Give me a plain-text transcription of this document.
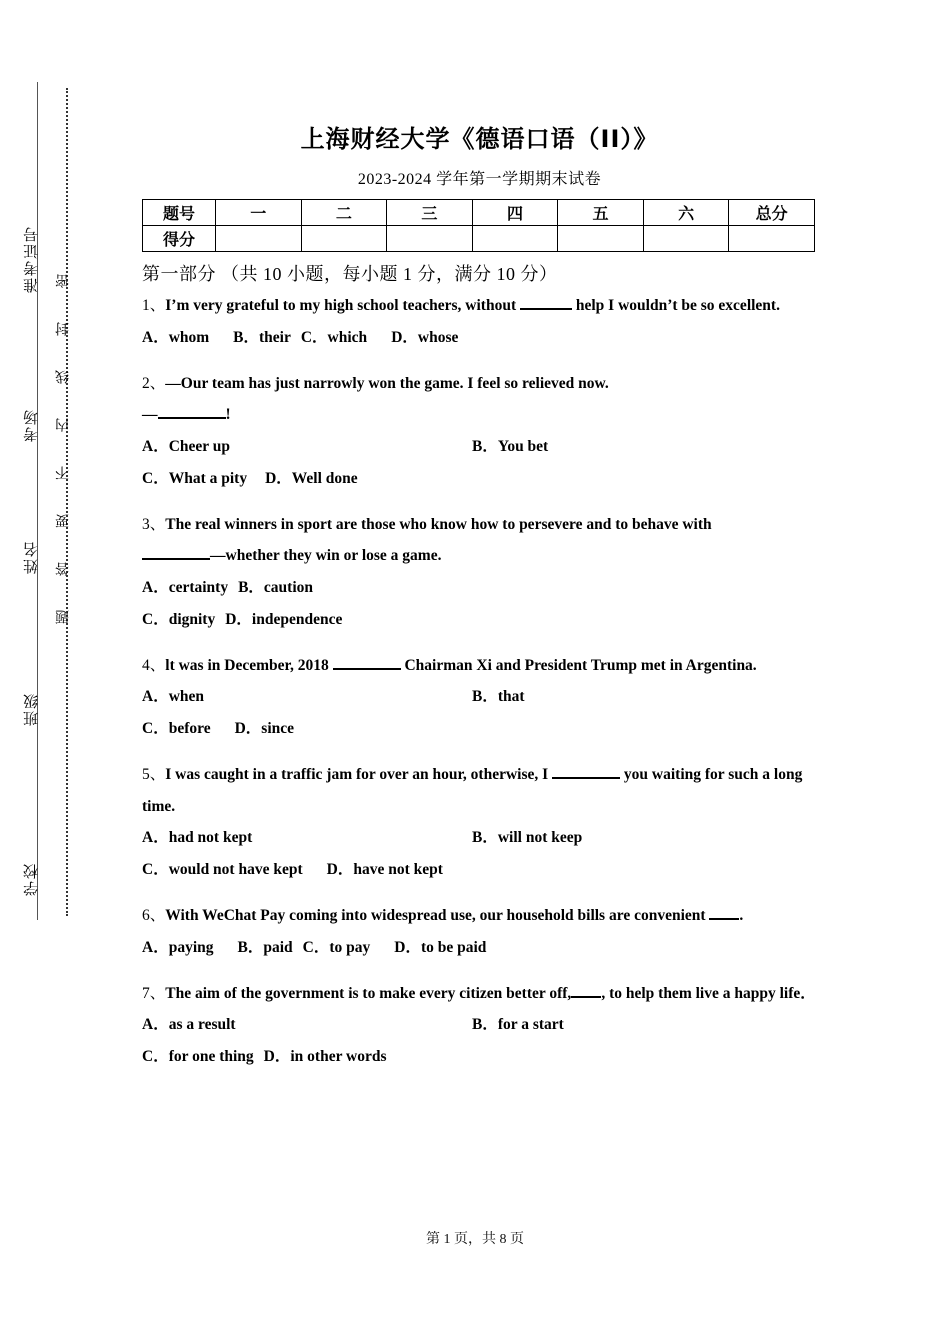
准考证号
考场
姓名
班级
学校
题答要不内线封密
上海财经大学《德语口语（II）》
2023-2024 学年第一学期期末试卷
题号	一	二	三	四	五	六	总分
得分							
第一部分 （共 10 小题，每小题 1 分，满分 10 分）
1、I’m very grateful to my high school teachers, without	help I wouldn’t be so excellent.
A．whom B．their C．which D．whose
2、—Our team has just narrowly won the game. I feel so relieved now.
—	!
A．Cheer up	B．You bet
C．What a pity D．Well done
3、The real winners in sport are those who know how to persevere and to behave with
—whether they win or lose a game.
A．certainty B．caution
C．dignity D．independence
4、lt was in December, 2018	Chairman Xi and President Trump met in Argentina.
A．when	B．that
C．before D．since
5、I was caught in a traffic jam for over an hour, otherwise, I	you waiting for such a long time.
A．had not kept	B．will not keep
C．would not have kept D．have not kept
6、With WeChat Pay coming into widespread use, our household bills are convenient .
A．paying B．paid C．to pay D．to be paid
7、The aim of the government is to make every citizen better off, , to help them live a happy life．
A．as a result	B．for a start
C．for one thing D．in other words
第 1 页，共 8 页
